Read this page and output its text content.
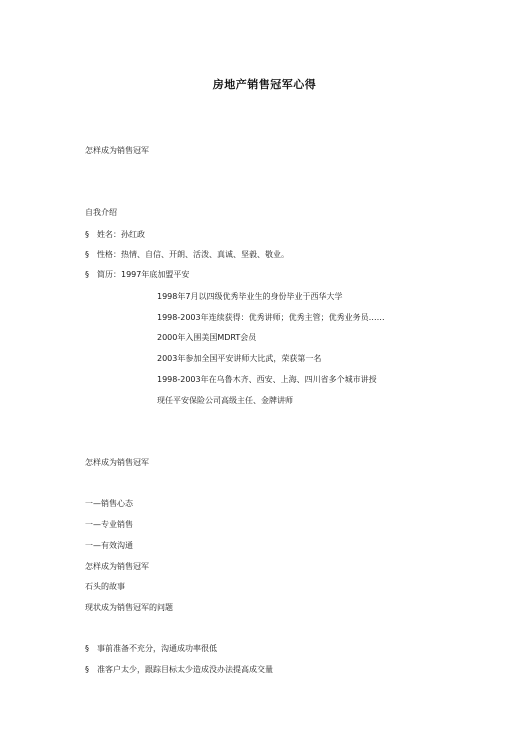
房地产销售冠军心得
怎样成为销售冠军
自我介绍
§ 姓名：孙红政
§ 性格：热情、自信、开朗、活泼、真诚、坚毅、敬业。
§ 简历：1997年底加盟平安
1998年7月以四级优秀毕业生的身份毕业于西华大学
1998-2003年连续获得：优秀讲师；优秀主管；优秀业务员……
2000年入围美国MDRT会员
2003年参加全国平安讲师大比武，荣获第一名
1998-2003年在乌鲁木齐、西安、上海、四川省多个城市讲授
现任平安保险公司高级主任、金牌讲师
怎样成为销售冠军
一—销售心态
一—专业销售
一—有效沟通
怎样成为销售冠军
石头的故事
现状成为销售冠军的问题
§ 事前准备不充分，沟通成功率很低
§ 准客户太少，跟踪目标太少造成没办法提高成交量
